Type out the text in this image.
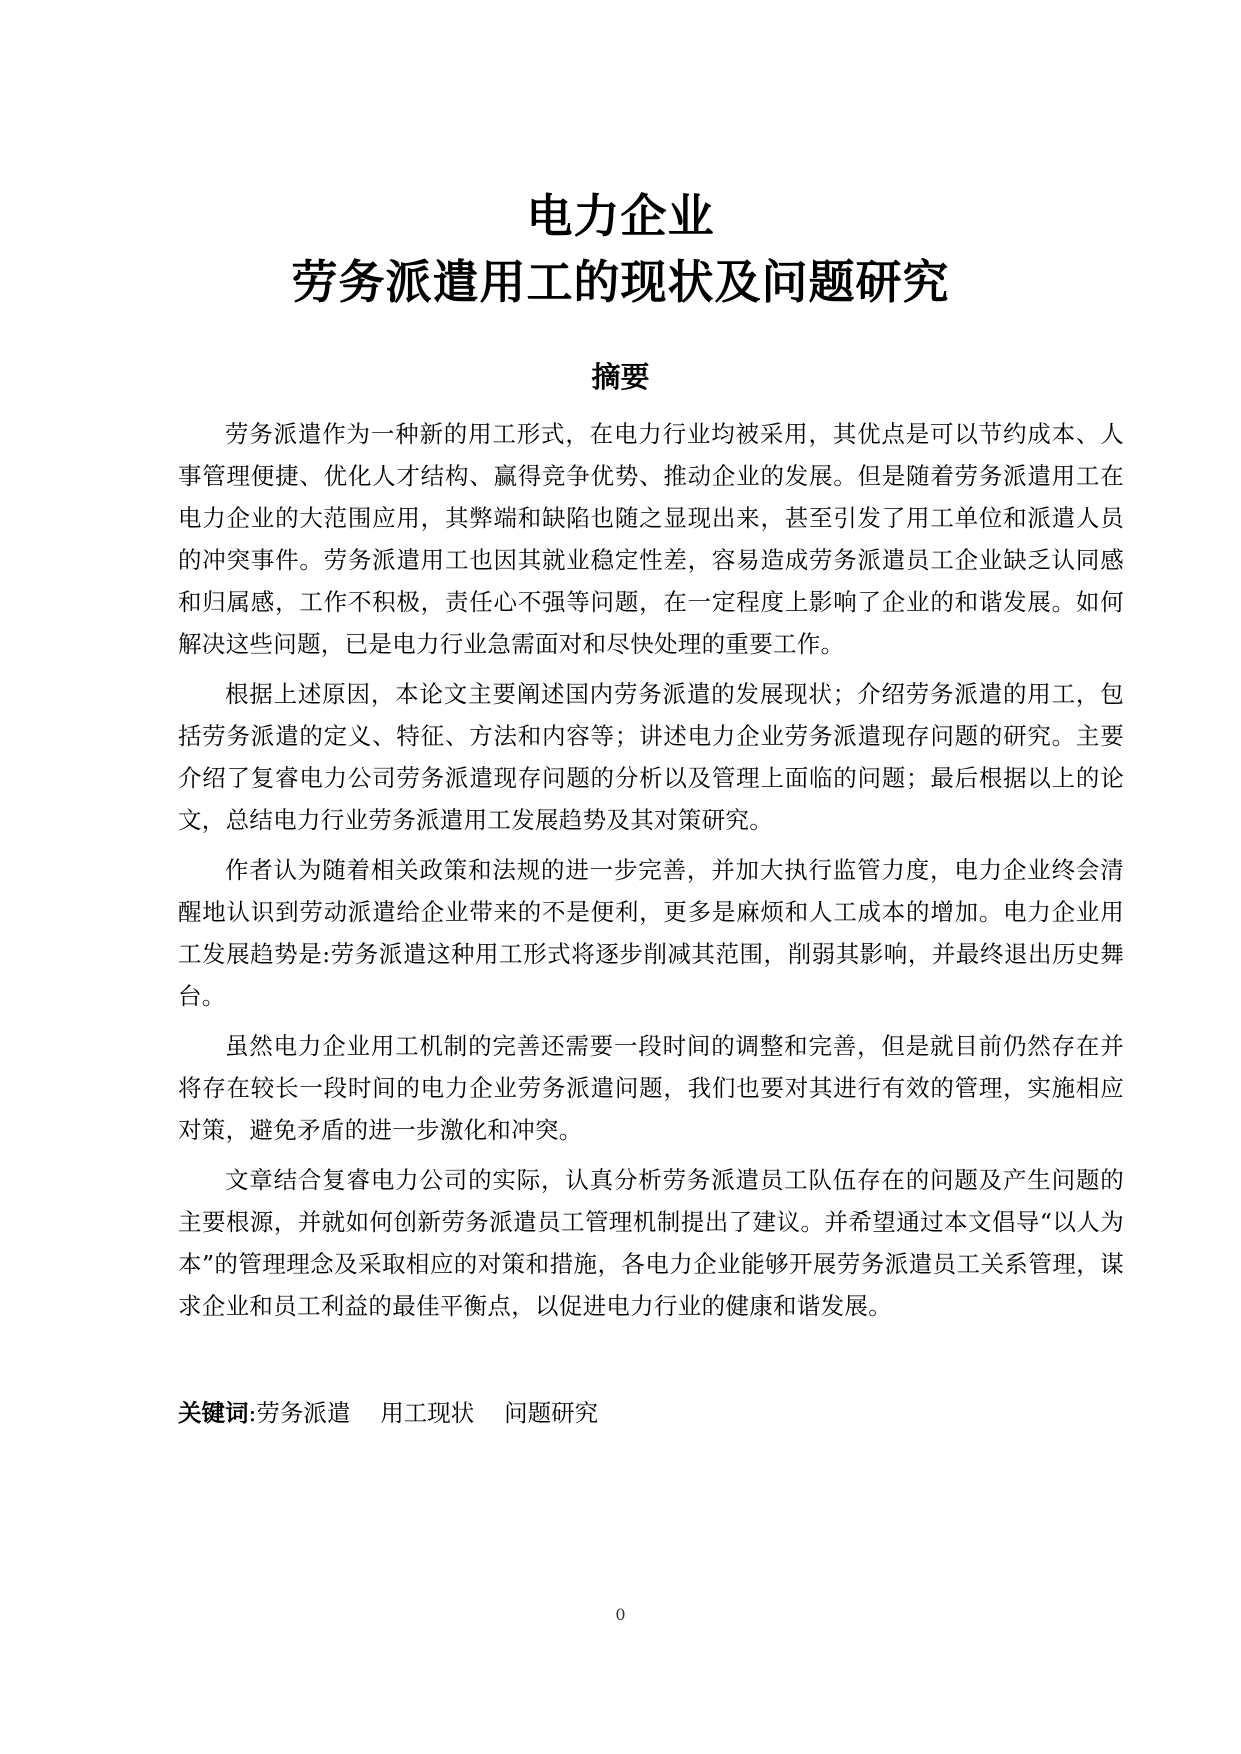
电力企业
劳务派遣用工的现状及问题研究
摘要

劳务派遣作为一种新的用工形式，在电力行业均被采用，其优点是可以节约成本、人事管理便捷、优化人才结构、赢得竞争优势、推动企业的发展。但是随着劳务派遣用工在电力企业的大范围应用，其弊端和缺陷也随之显现出来，甚至引发了用工单位和派遣人员的冲突事件。劳务派遣用工也因其就业稳定性差，容易造成劳务派遣员工企业缺乏认同感和归属感，工作不积极，责任心不强等问题，在一定程度上影响了企业的和谐发展。如何解决这些问题，已是电力行业急需面对和尽快处理的重要工作。

根据上述原因，本论文主要阐述国内劳务派遣的发展现状；介绍劳务派遣的用工，包括劳务派遣的定义、特征、方法和内容等；讲述电力企业劳务派遣现存问题的研究。主要介绍了复睿电力公司劳务派遣现存问题的分析以及管理上面临的问题；最后根据以上的论文，总结电力行业劳务派遣用工发展趋势及其对策研究。

作者认为随着相关政策和法规的进一步完善，并加大执行监管力度，电力企业终会清醒地认识到劳动派遣给企业带来的不是便利，更多是麻烦和人工成本的增加。电力企业用工发展趋势是:劳务派遣这种用工形式将逐步削减其范围，削弱其影响，并最终退出历史舞台。

虽然电力企业用工机制的完善还需要一段时间的调整和完善，但是就目前仍然存在并将存在较长一段时间的电力企业劳务派遣问题，我们也要对其进行有效的管理，实施相应对策，避免矛盾的进一步激化和冲突。

文章结合复睿电力公司的实际，认真分析劳务派遣员工队伍存在的问题及产生问题的主要根源，并就如何创新劳务派遣员工管理机制提出了建议。并希望通过本文倡导“以人为本”的管理理念及采取相应的对策和措施，各电力企业能够开展劳务派遣员工关系管理，谋求企业和员工利益的最佳平衡点，以促进电力行业的健康和谐发展。

关键词:劳务派遣    用工现状    问题研究
0
